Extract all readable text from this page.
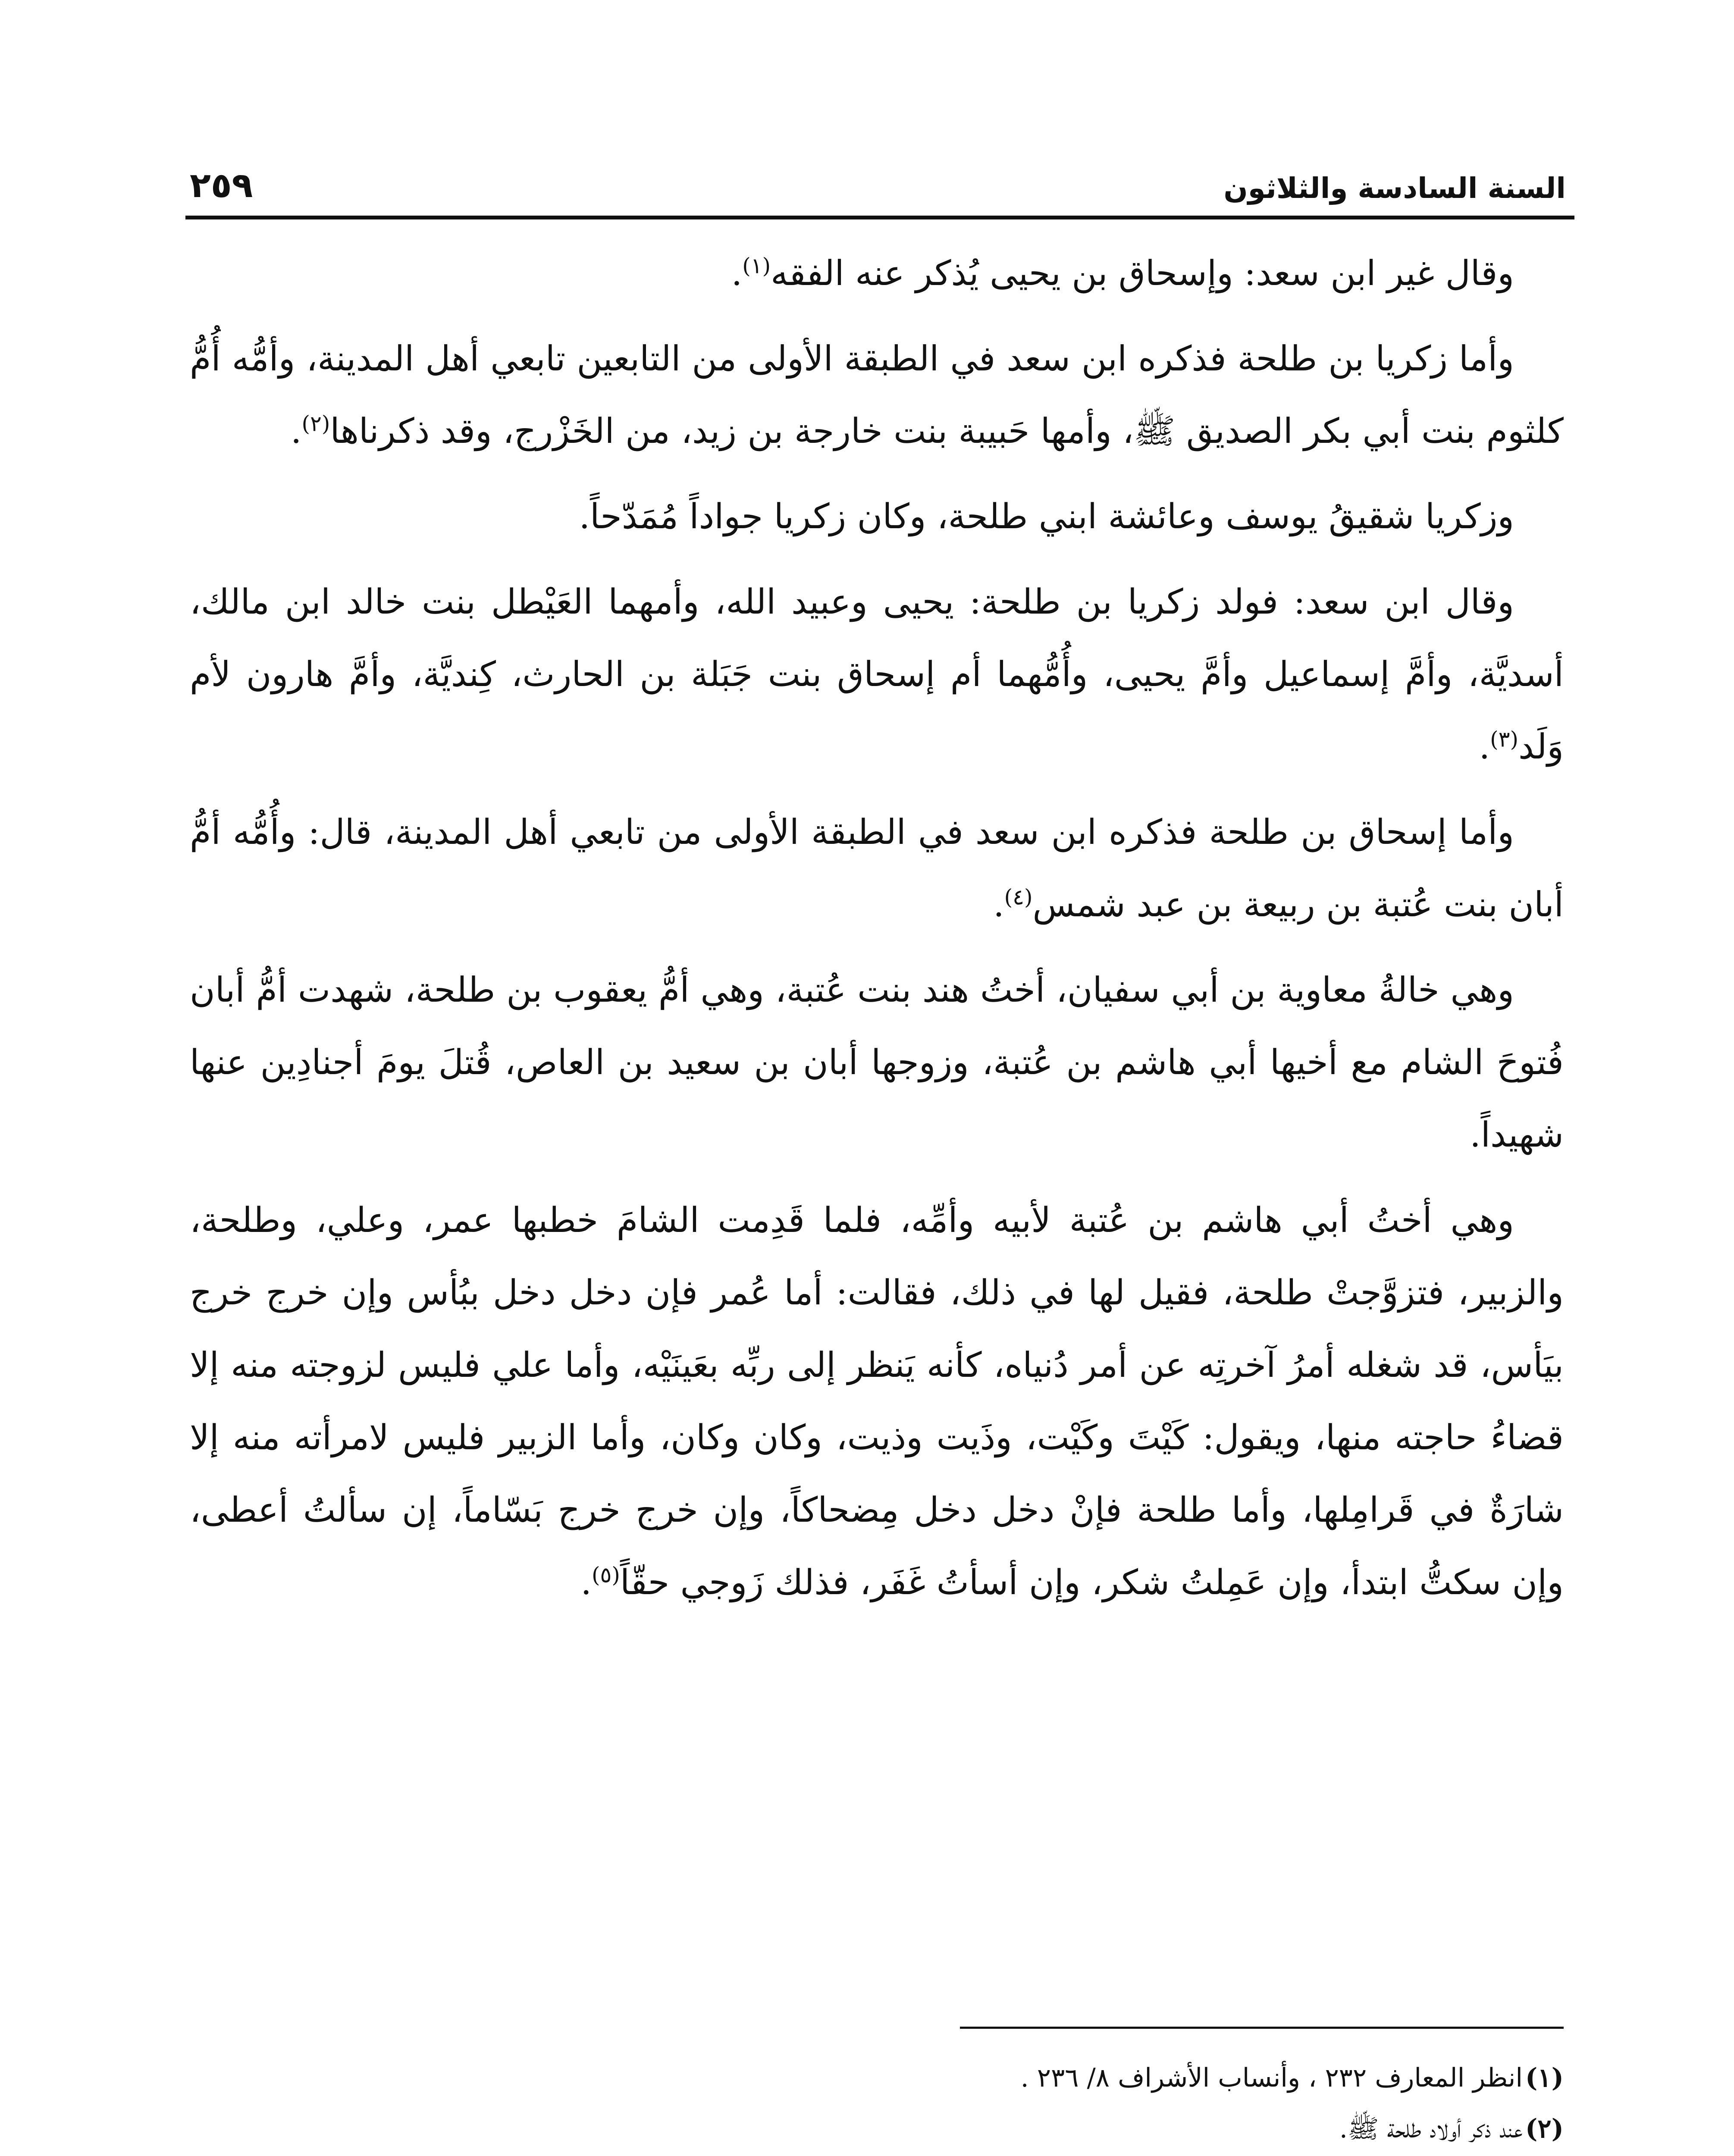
السنة السادسة والثلاثون
٢٥٩

وقال غير ابن سعد: وإسحاق بن يحيى يُذكر عنه الفقه$^{(١)}$.

وأما زكريا بن طلحة فذكره ابن سعد في الطبقة الأولى من التابعين تابعي أهل المدينة، وأمُّه أُمُّ كلثوم بنت أبي بكر الصديق ﷺ، وأمها حَبيبة بنت خارجة بن زيد، من الخَزْرج، وقد ذكرناها$^{(٢)}$.

وزكريا شقيقُ يوسف وعائشة ابني طلحة، وكان زكريا جواداً مُمَدّحاً.

وقال ابن سعد: فولد زكريا بن طلحة: يحيى وعبيد الله، وأمهما العَيْطل بنت خالد ابن مالك، أسديَّة، وأمَّ إسماعيل وأمَّ يحيى، وأُمُّهما أم إسحاق بنت جَبَلة بن الحارث، كِنديَّة، وأمَّ هارون لأم وَلَد$^{(٣)}$.

وأما إسحاق بن طلحة فذكره ابن سعد في الطبقة الأولى من تابعي أهل المدينة، قال: وأُمُّه أمُّ أبان بنت عُتبة بن ربيعة بن عبد شمس$^{(٤)}$.

وهي خالةُ معاوية بن أبي سفيان، أختُ هند بنت عُتبة، وهي أمُّ يعقوب بن طلحة، شهدت أمُّ أبان فُتوحَ الشام مع أخيها أبي هاشم بن عُتبة، وزوجها أبان بن سعيد بن العاص، قُتلَ يومَ أجنادِين عنها شهيداً.

وهي أختُ أبي هاشم بن عُتبة لأبيه وأمِّه، فلما قَدِمت الشامَ خطبها عمر، وعلي، وطلحة، والزبير، فتزوَّجتْ طلحة، فقيل لها في ذلك، فقالت: أما عُمر فإن دخل دخل ببُأس وإن خرج خرج بيَأس، قد شغله أمرُ آخرتِه عن أمر دُنياه، كأنه يَنظر إلى ربِّه بعَينَيْه، وأما علي فليس لزوجته منه إلا قضاءُ حاجته منها، ويقول: كَيْتَ وكَيْت، وذَيت وذيت، وكان وكان، وأما الزبير فليس لامرأته منه إلا شارَةٌ في قَرامِلها، وأما طلحة فإنْ دخل دخل مِضحاكاً، وإن خرج خرج بَسّاماً، إن سألتُ أعطى، وإن سكتُّ ابتدأ، وإن عَمِلتُ شكر، وإن أسأتُ غَفَر، فذلك زَوجي حقّاً$^{(٥)}$.

(١)
انظر المعارف ٢٣٢ ، وأنساب الأشراف ٨/ ٢٣٦ .
(٢)
عند ذكر أولاد طلحة ﷺ.
